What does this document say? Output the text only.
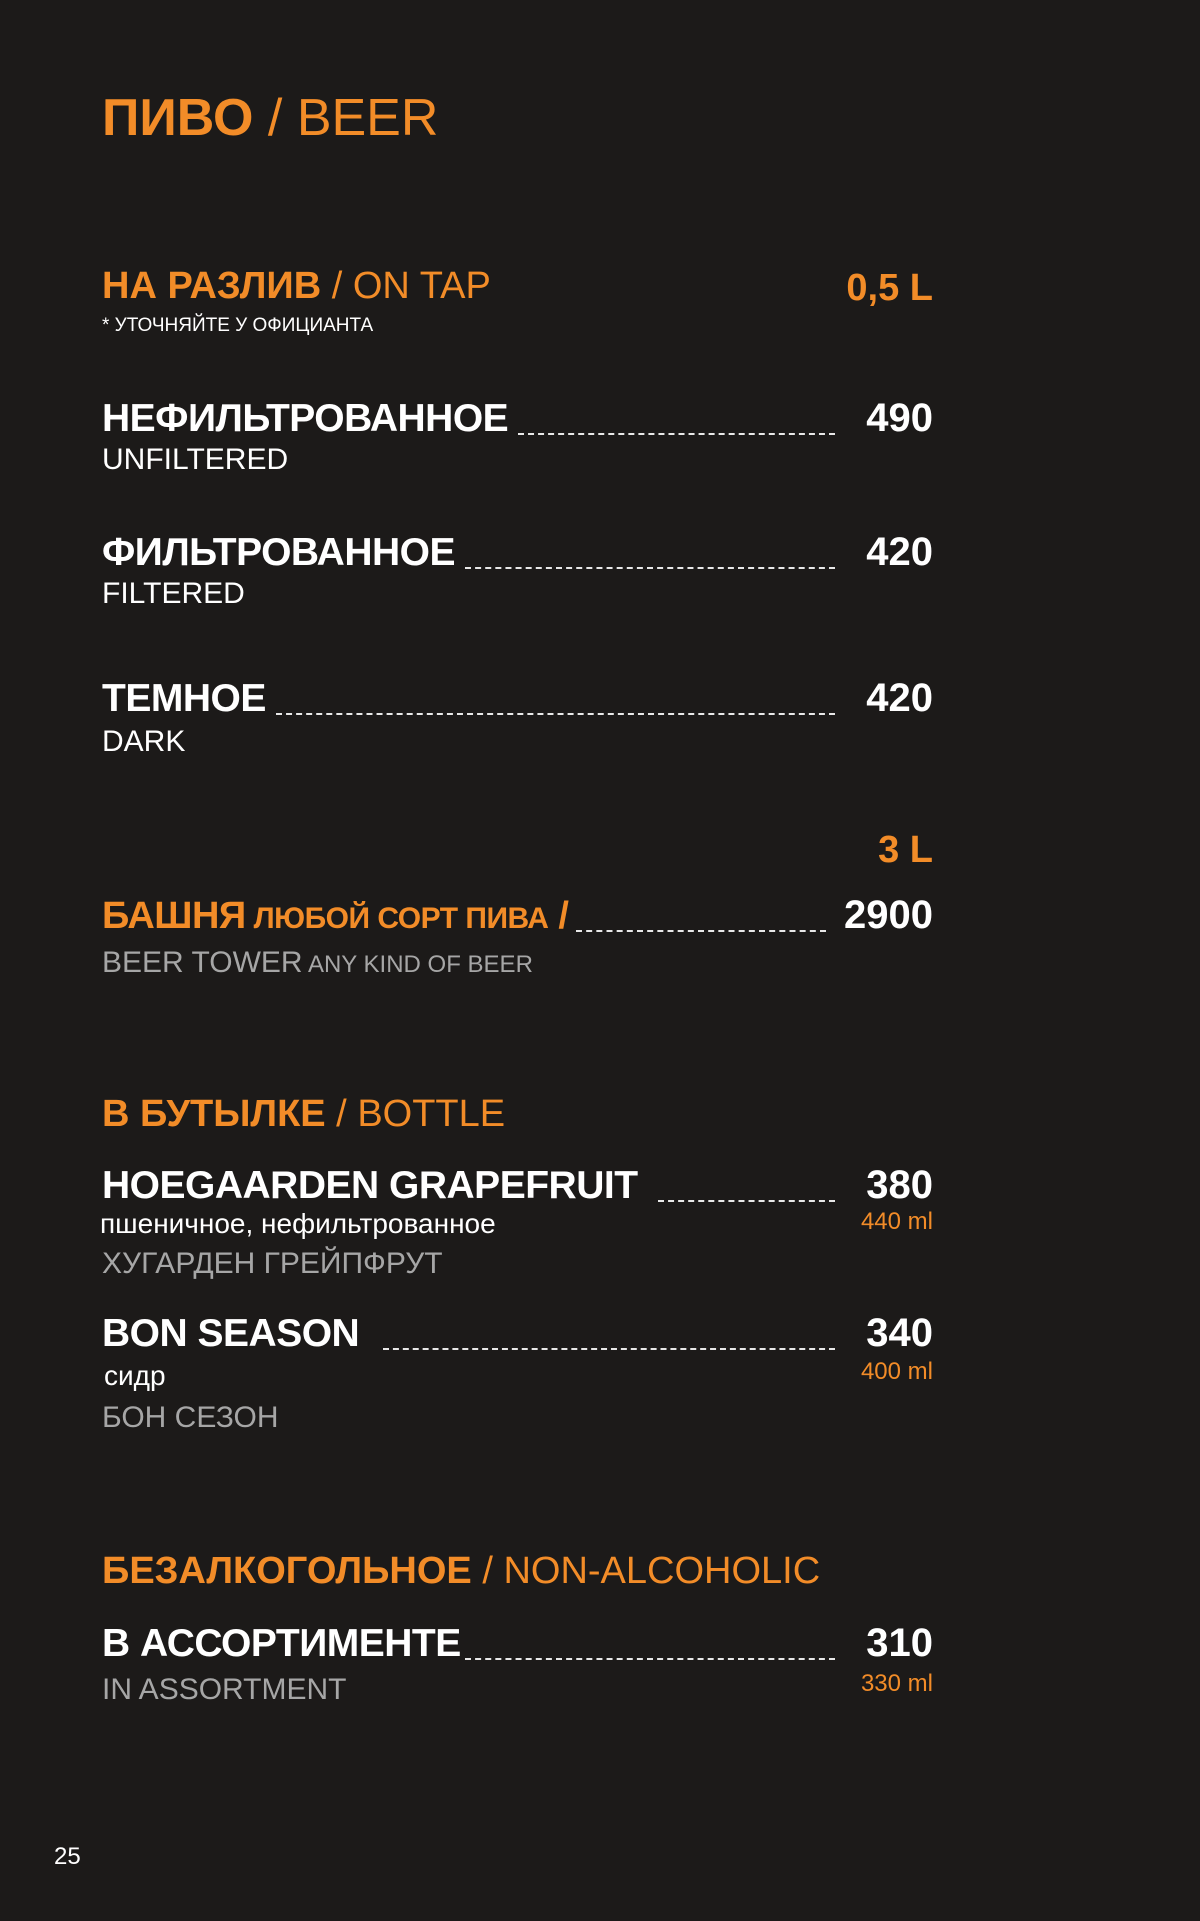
ПИВО / BEER
НА РАЗЛИВ / ON TAP	0,5 L
* УТОЧНЯЙТЕ У ОФИЦИАНТА
НЕФИЛЬТРОВАННОЕ	490
UNFILTERED
ФИЛЬТРОВАННОЕ	420
FILTERED
ТЕМНОЕ	420
DARK
3 L
БАШНЯ ЛЮБОЙ СОРТ ПИВА /	2900
BEER TOWER ANY KIND OF BEER
В БУТЫЛКЕ / BOTTLE
HOEGAARDEN GRAPEFRUIT	380
пшеничное, нефильтрованное	440 ml
ХУГАРДЕН ГРЕЙПФРУТ
BON SEASON	340
сидр	400 ml
БОН СЕЗОН
БЕЗАЛКОГОЛЬНОЕ / NON-ALCOHOLIC
В АССОРТИМЕНТЕ	310
330 ml
IN ASSORTMENT
25
